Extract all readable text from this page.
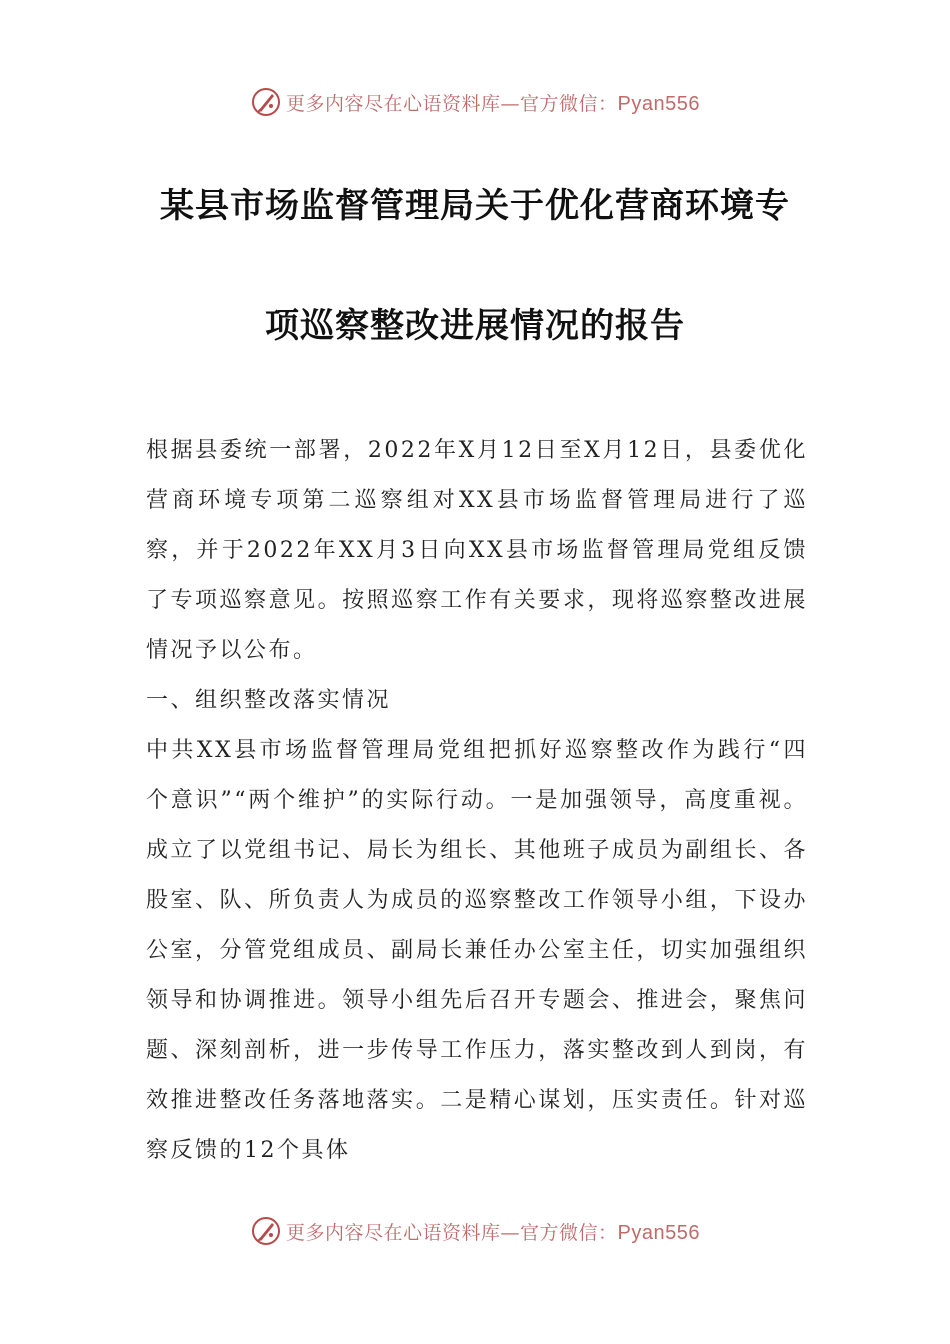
更多内容尽在心语资料库—官方微信：Pyan556
某县市场监督管理局关于优化营商环境专
项巡察整改进展情况的报告

根据县委统一部署，2022年X月12日至X月12日，县委优化营商环境专项第二巡察组对XX县市场监督管理局进行了巡察，并于2022年XX月3日向XX县市场监督管理局党组反馈了专项巡察意见。按照巡察工作有关要求，现将巡察整改进展情况予以公布。

一、组织整改落实情况

中共XX县市场监督管理局党组把抓好巡察整改作为践行“四个意识”“两个维护”的实际行动。一是加强领导，高度重视。成立了以党组书记、局长为组长、其他班子成员为副组长、各股室、队、所负责人为成员的巡察整改工作领导小组，下设办公室，分管党组成员、副局长兼任办公室主任，切实加强组织领导和协调推进。领导小组先后召开专题会、推进会，聚焦问题、深刻剖析，进一步传导工作压力，落实整改到人到岗，有效推进整改任务落地落实。二是精心谋划，压实责任。针对巡察反馈的12个具体

更多内容尽在心语资料库—官方微信：Pyan556
